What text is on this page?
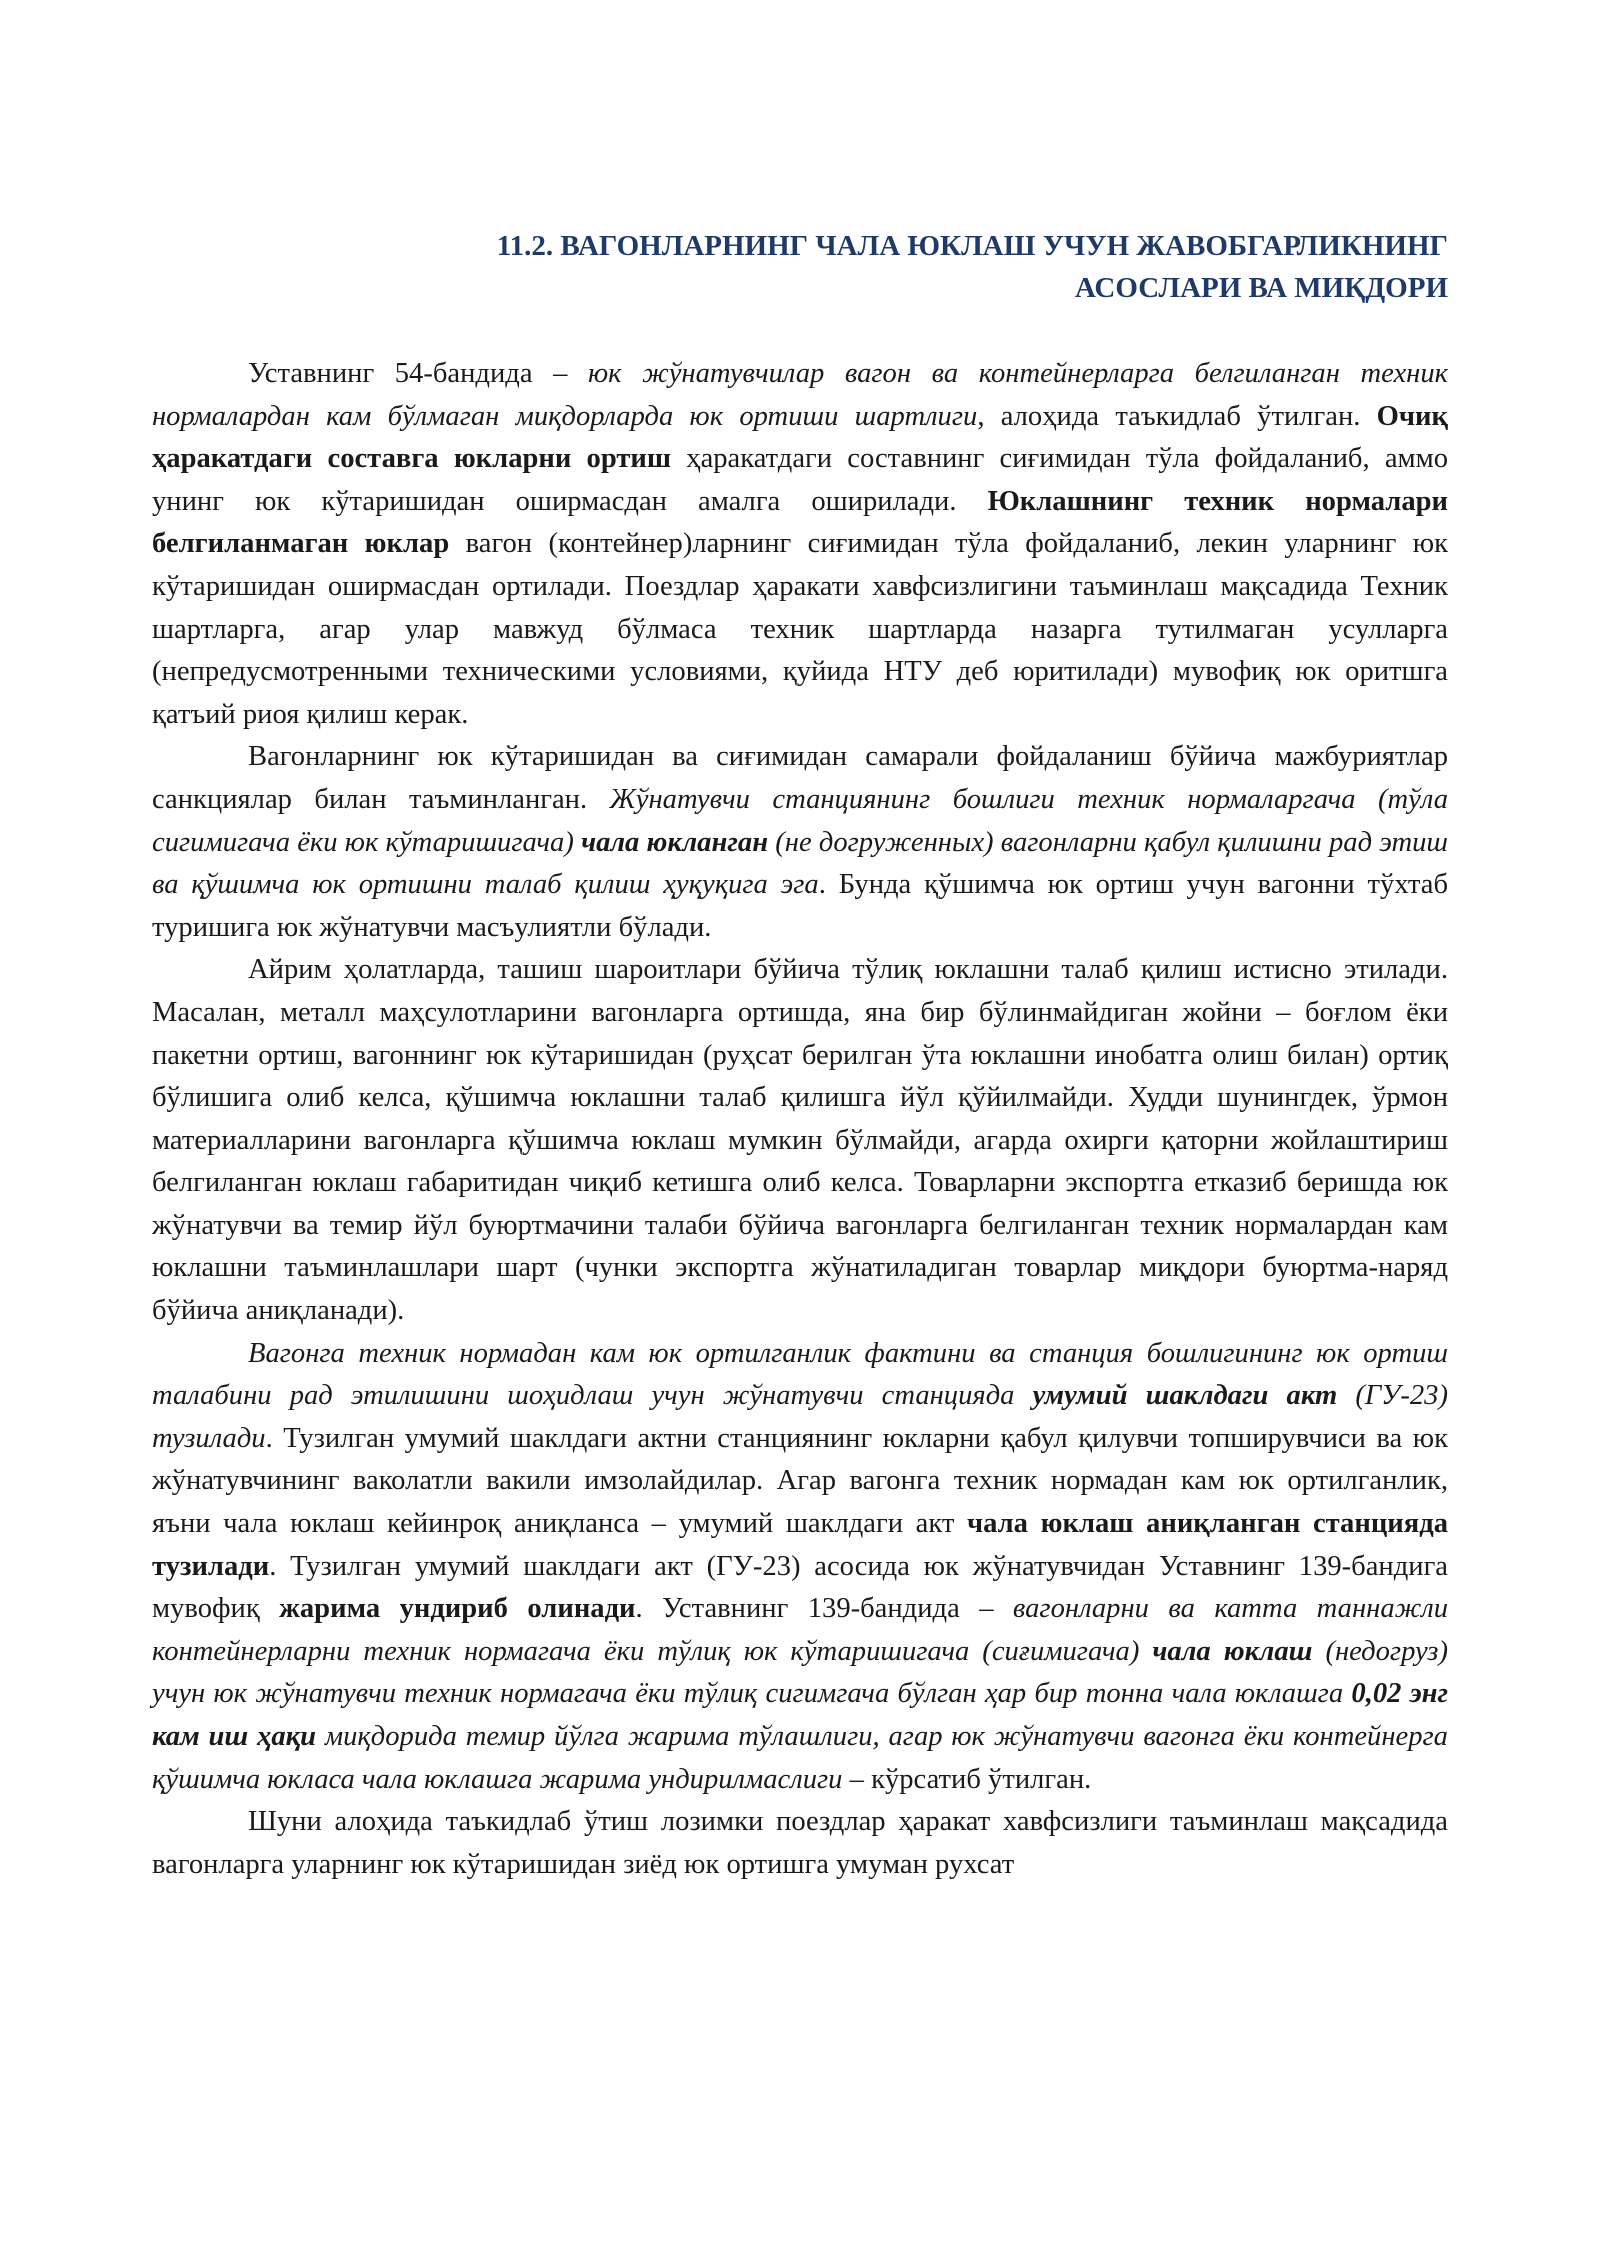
11.2. ВАГОНЛАРНИНГ ЧАЛА ЮКЛАШ УЧУН ЖАВОБГАРЛИКНИНГ
АСОСЛАРИ ВА МИҚДОРИ

Уставнинг 54-бандида – юк жўнатувчилар вагон ва контейнерларга белгиланган техник нормалардан кам бўлмаган миқдорларда юк ортиши шартлиги, алоҳида таъкидлаб ўтилган. Очиқ ҳаракатдаги составга юкларни ортиш ҳаракатдаги составнинг сиғимидан тўла фойдаланиб, аммо унинг юк кўтаришидан оширмасдан амалга оширилади. Юклашнинг техник нормалари белгиланмаган юклар вагон (контейнер)ларнинг сиғимидан тўла фойдаланиб, лекин уларнинг юк кўтаришидан оширмасдан ортилади. Поездлар ҳаракати хавфсизлигини таъминлаш мақсадида Техник шартларга, агар улар мавжуд бўлмаса техник шартларда назарга тутилмаган усулларга (непредусмотренными техническими условиями, қуйида НТУ деб юритилади) мувофиқ юк оритшга қатъий риоя қилиш керак.

Вагонларнинг юк кўтаришидан ва сиғимидан самарали фойдаланиш бўйича мажбуриятлар санкциялар билан таъминланган. Жўнатувчи станциянинг бошлиги техник нормаларгача (тўла сигимигача ёки юк кўтаришигача) чала юкланган (не догруженных) вагонларни қабул қилишни рад этиш ва қўшимча юк ортишни талаб қилиш ҳуқуқига эга. Бунда қўшимча юк ортиш учун вагонни тўхтаб туришига юк жўнатувчи масъулиятли бўлади.

Айрим ҳолатларда, ташиш шароитлари бўйича тўлиқ юклашни талаб қилиш истисно этилади. Масалан, металл маҳсулотларини вагонларга ортишда, яна бир бўлинмайдиган жойни – боғлом ёки пакетни ортиш, вагоннинг юк кўтаришидан (руҳсат берилган ўта юклашни инобатга олиш билан) ортиқ бўлишига олиб келса, қўшимча юклашни талаб қилишга йўл қўйилмайди. Худди шунингдек, ўрмон материалларини вагонларга қўшимча юклаш мумкин бўлмайди, агарда охирги қаторни жойлаштириш белгиланган юклаш габаритидан чиқиб кетишга олиб келса. Товарларни экспортга етказиб беришда юк жўнатувчи ва темир йўл буюртмачини талаби бўйича вагонларга белгиланган техник нормалардан кам юклашни таъминлашлари шарт (чунки экспортга жўнатиладиган товарлар миқдори буюртма-наряд бўйича аниқланади).

Вагонга техник нормадан кам юк ортилганлик фактини ва станция бошлигининг юк ортиш талабини рад этилишини шоҳидлаш учун жўнатувчи станцияда умумий шаклдаги акт (ГУ-23) тузилади. Тузилган умумий шаклдаги актни станциянинг юкларни қабул қилувчи топширувчиси ва юк жўнатувчининг ваколатли вакили имзолайдилар. Агар вагонга техник нормадан кам юк ортилганлик, яъни чала юклаш кейинроқ аниқланса – умумий шаклдаги акт чала юклаш аниқланган станцияда тузилади. Тузилган умумий шаклдаги акт (ГУ-23) асосида юк жўнатувчидан Уставнинг 139-бандига мувофиқ жарима ундириб олинади. Уставнинг 139-бандида – вагонларни ва катта таннажли контейнерларни техник нормагача ёки тўлиқ юк кўтаришигача (сиғимигача) чала юклаш (недогруз) учун юк жўнатувчи техник нормагача ёки тўлиқ сигимгача бўлган ҳар бир тонна чала юклашга 0,02 энг кам иш ҳақи миқдорида темир йўлга жарима тўлашлиги, агар юк жўнатувчи вагонга ёки контейнерга қўшимча юкласа чала юклашга жарима ундирилмаслиги – кўрсатиб ўтилган.

Шуни алоҳида таъкидлаб ўтиш лозимки поездлар ҳаракат хавфсизлиги таъминлаш мақсадида вагонларга уларнинг юк кўтаришидан зиёд юк ортишга умуман рухсат
